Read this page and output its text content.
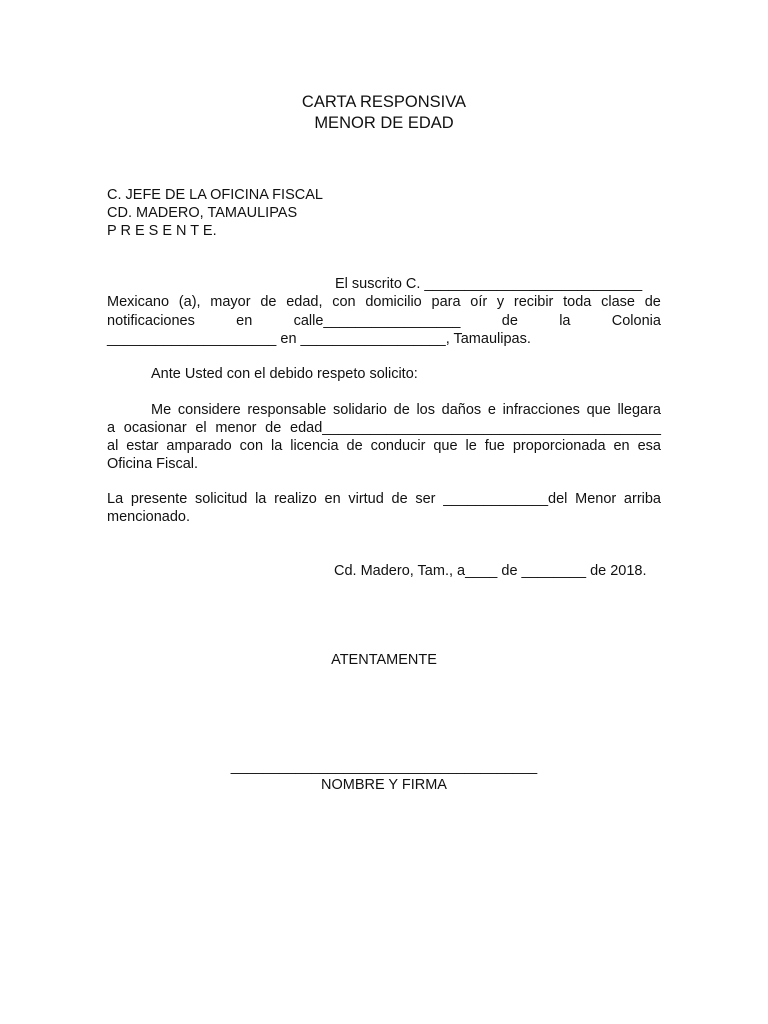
CARTA RESPONSIVA
MENOR DE EDAD
C. JEFE DE LA OFICINA FISCAL
CD. MADERO, TAMAULIPAS
P R E S E N T E.
El suscrito C. ___________________________
Mexicano (a), mayor de edad, con domicilio para oír y recibir toda clase de
notificaciones	en	calle_________________	de	la	Colonia
_____________________ en __________________, Tamaulipas.
Ante Usted con el debido respeto solicito:
Me considere responsable solidario de los daños e infracciones que llegara
a ocasionar el menor de edad__________________________________________
al estar amparado con la licencia de conducir que le fue proporcionada en esa
Oficina Fiscal.
La presente solicitud la realizo en virtud de ser _____________del Menor arriba
mencionado.
Cd. Madero, Tam., a____ de ________ de 2018.
ATENTAMENTE
______________________________________
NOMBRE Y FIRMA
